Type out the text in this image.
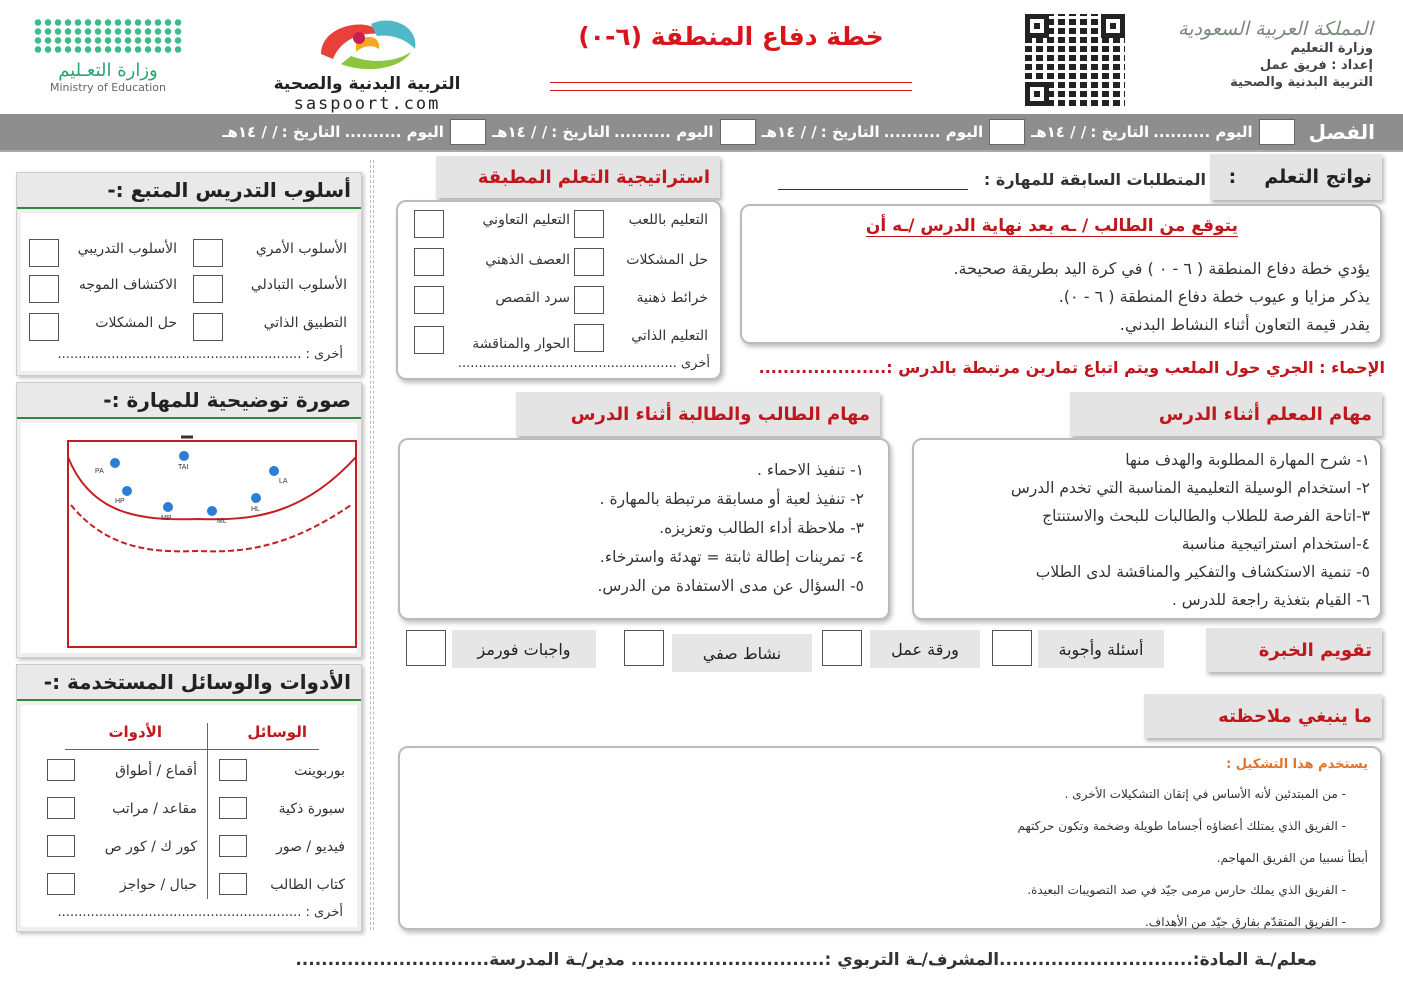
المملكة العربية السعودية
وزارة التعليم
إعداد : فريق عمل
التربية البدنية والصحية
خطة دفاع المنطقة (٦-٠)
التربية البدنية والصحية
saspoort.com
وزارة التعـليم
Ministry of Education
الفصل
اليوم ..........
التاريخ :
/ / ١٤هـ
اليوم ..........
التاريخ :
/ / ١٤هـ
اليوم ..........
التاريخ :
/ / ١٤هـ
اليوم ..........
التاريخ :
/ / ١٤هـ
أسلوب التدريس المتبع :-
الأسلوب الأمري
الأسلوب التدريبي
الأسلوب التبادلي
الاكتشاف الموجه
التطبيق الذاتي
حل المشكلات
أخرى : ...........................................................
صورة توضيحية للمهارة :-
PA
TAI
LA
HP
MP	ML
HL
الأدوات والوسائل المستخدمة :-
الوسائل
الأدوات
بوربوينت
أقماع / أطواق
سبورة ذكية
مقاعد / مراتب
فيديو / صور
كور ك / كور ص
كتاب الطالب
حبال / حواجز
أخرى : ...........................................................
استراتيجية التعلم المطبقة
التعليم باللعب
التعليم التعاوني
حل المشكلات
العصف الذهني
خرائط ذهنية
سرد القصص
التعليم الذاتي
الحوار والمناقشة
أخرى .....................................................
نواتج التعلم
:
المتطلبات السابقة للمهارة :
يتوقع من الطالب / ـه بعد نهاية الدرس /ـه أن
يؤدي خطة دفاع المنطقة ( ٦ - ٠ ) في كرة اليد بطريقة صحيحة.
يذكر مزايا و عيوب خطة دفاع المنطقة ( ٦ - ٠).
يقدر قيمة التعاون أثناء النشاط البدني.
الإحماء : الجري حول الملعب ويتم اتباع تمارين مرتبطة بالدرس :.....................
مهام المعلم أثناء الدرس
مهام الطالب والطالبة أثناء الدرس
١- شرح المهارة المطلوبة والهدف منها
٢- استخدام الوسيلة التعليمية المناسبة التي تخدم الدرس
٣-اتاحة الفرصة للطلاب والطالبات للبحث والاستنتاج
٤-استخدام استراتيجية مناسبة
٥- تنمية الاستكشاف والتفكير والمناقشة لدى الطلاب
٦- القيام بتغذية راجعة للدرس .
١- تنفيذ الاحماء .
٢- تنفيذ لعبة أو مسابقة مرتبطة بالمهارة .
٣- ملاحظة أداء الطالب وتعزيزه.
٤- تمرينات إطالة ثابتة = تهدئة واسترخاء.
٥- السؤال عن مدى الاستفادة من الدرس.
تقويم الخبرة
أسئلة وأجوبة
ورقة عمل
نشاط صفي
واجبات فورمز
ما ينبغي ملاحظته
يستخدم هذا التشكيل :
- من المبتدئين لأنه الأساس في إتقان التشكيلات الأخرى .
- الفريق الذي يمتلك أعضاؤه أجساما طويلة وضخمة وتكون حركتهم
أبطأ نسبيا من الفريق المهاجم.
- الفريق الذي يملك حارس مرمى جيّد في صد التصويبات البعيدة.
- الفريق المتقدّم بفارق جيّد من الأهداف.
معلم/ـة المادة:..............................المشرف/ـة التربوي :.............................. مدير/ـة المدرسة..............................
